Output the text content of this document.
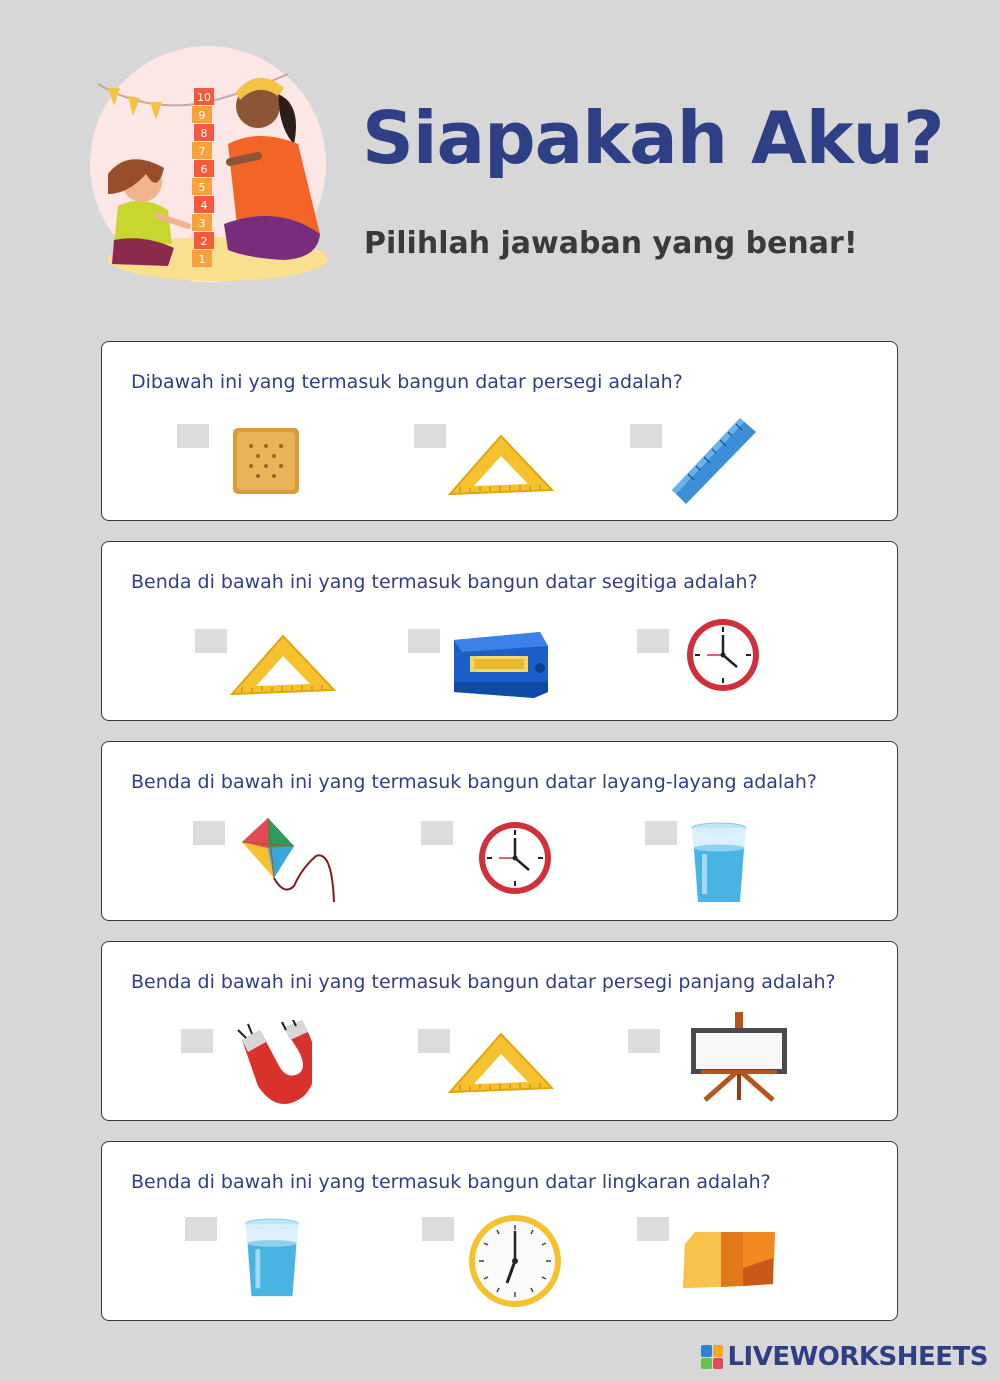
10
9
8
7
6
5
4
3
2
1
Siapakah Aku?
Pilihlah jawaban yang benar!
Dibawah ini yang termasuk bangun datar persegi adalah?
Benda di bawah ini yang termasuk bangun datar segitiga adalah?
Benda di bawah ini yang termasuk bangun datar layang-layang adalah?
Benda di bawah ini yang termasuk bangun datar persegi panjang adalah?
Benda di bawah ini yang termasuk bangun datar lingkaran adalah?
LIVEWORKSHEETS
